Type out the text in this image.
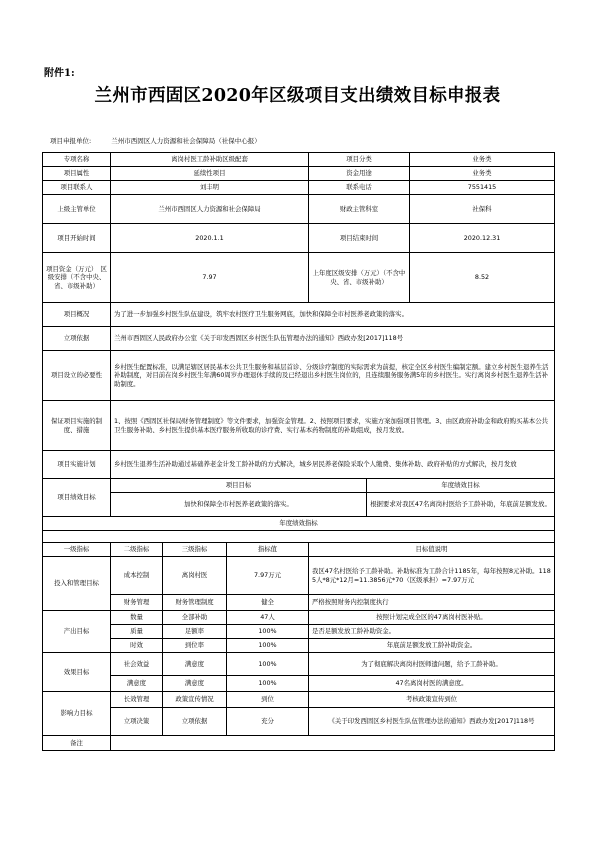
附件1:
兰州市西固区2020年区级项目支出绩效目标申报表
项目申报单位:	兰州市西固区人力资源和社会保障局（社保中心报）
专项名称	离岗村医工龄补助区级配套			项目分类		业务类
项目属性	延续性项目			资金用途		业务类
项目联系人	刘丰明			联系电话		7551415
上级主管单位	兰州市西固区人力资源和社会保障局			财政主管科室		社保科
项目开始时间	2020.1.1			项目结束时间		2020.12.31
项目资金（万元）　区级安排（不含中央、省、市级补助）	7.97			上年度区级安排（万元）（不含中央、省、市级补助）		8.52
项目概况	为了进一步加强乡村医生队伍建设，筑牢农村医疗卫生服务网底，加快和保障全市村医养老政策的落实。					
立项依据	兰州市西固区人民政府办公室《关于印发西固区乡村医生队伍管理办法的通知》西政办发[2017]118号					
项目设立的必要性	乡村医生配置标准，以满足辖区居民基本公共卫生服务和基层首诊、分级诊疗制度的实际需求为前提，核定全区乡村医生编制定额。建立乡村医生退养生活补助制度，对目前在岗乡村医生年满60周岁办理退休手续的及已经退出乡村医生岗位的，且连续服务服务满5年的乡村医生。实行离岗乡村医生退养生活补助制度。					
保证项目实施的制度、措施	1、按照《西固区社保局财务管理制度》等文件要求，加强资金管理。2、按照项目要求，实施方案加强项目管理。3、由区政府补助金和政府购买基本公共卫生服务补助、乡村医生提供基本医疗服务所收取的诊疗费、实行基本药物制度的补助组成，按月发放。					
项目实施计划	乡村医生退养生活补助通过基础养老金计发工龄补助的方式解决，城乡居民养老保险采取个人缴费、集体补助、政府补贴的方式解决，按月发放					
项目绩效目标	项目目标				年度绩效目标	
	加快和保障全市村医养老政策的落实。				根据要求对我区47名离岗村医给予工龄补助，年底前足额发放。	
年度绩效指标						

一级指标	二级指标	三级指标	指标值	目标值说明		
投入和管理目标	成本控制	离岗村医	7.97万元	我区47名村医给予工龄补助。补助标准为工龄合计1185年，每年按照8元补助。1185人*8元*12月=11.3856元*70（区级承担）=7.97万元		
	财务管理	财务管理制度	健全	严格按照财务内控制度执行		
产出目标	数量	全部补助	47人	按照计划完成全区的47离岗村医补贴。		
	质量	足额率	100%	是否足额发放工龄补助资金。		
	时效	到位率	100%	年底前足额发放工龄补助资金。		
效果目标	社会效益	满意度	100%	为了彻底解决离岗村医师遗问题，给予工龄补助。		
	满意度	满意度	100%	47名离岗村医的满意度。		
影响力目标	长效管理	政策宣传情况	到位	考核政策宣传到位		
	立项决策	立项依据	充分	《关于印发西固区乡村医生队伍管理办法的通知》西政办发[2017]118号		
备注						
